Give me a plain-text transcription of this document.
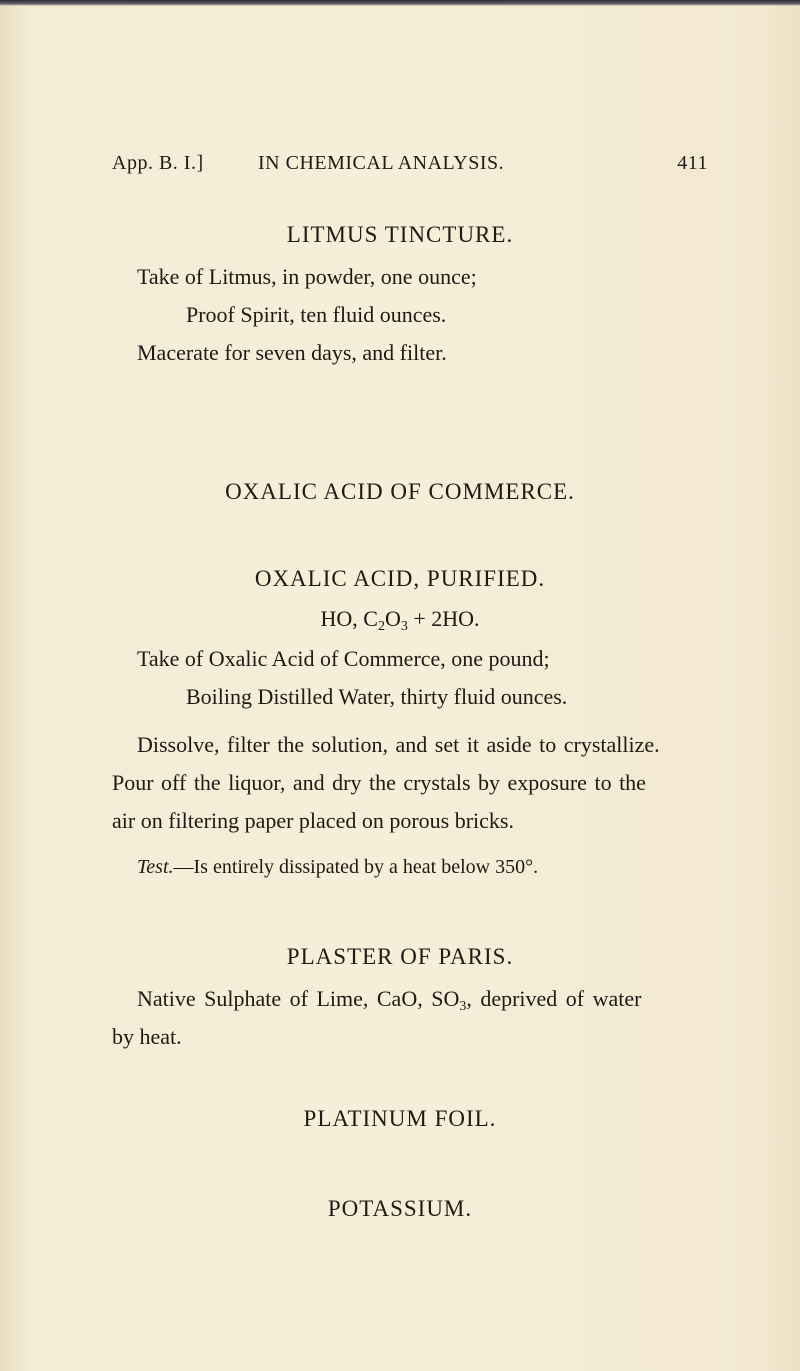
App. B. I.]	IN CHEMICAL ANALYSIS.	411
LITMUS TINCTURE.
Take of Litmus, in powder, one ounce;
Proof Spirit, ten fluid ounces.
Macerate for seven days, and filter.
OXALIC ACID OF COMMERCE.
OXALIC ACID, PURIFIED.
HO, $C_2O_3 + 2HO$.
Take of Oxalic Acid of Commerce, one pound;
Boiling Distilled Water, thirty fluid ounces.
Dissolve, filter the solution, and set it aside to crystallize.
Pour off the liquor, and dry the crystals by exposure to the
air on filtering paper placed on porous bricks.
Test.—Is entirely dissipated by a heat below 350°.
PLASTER OF PARIS.
Native Sulphate of Lime, CaO, $SO_3$, deprived of water
by heat.
PLATINUM FOIL.
POTASSIUM.
